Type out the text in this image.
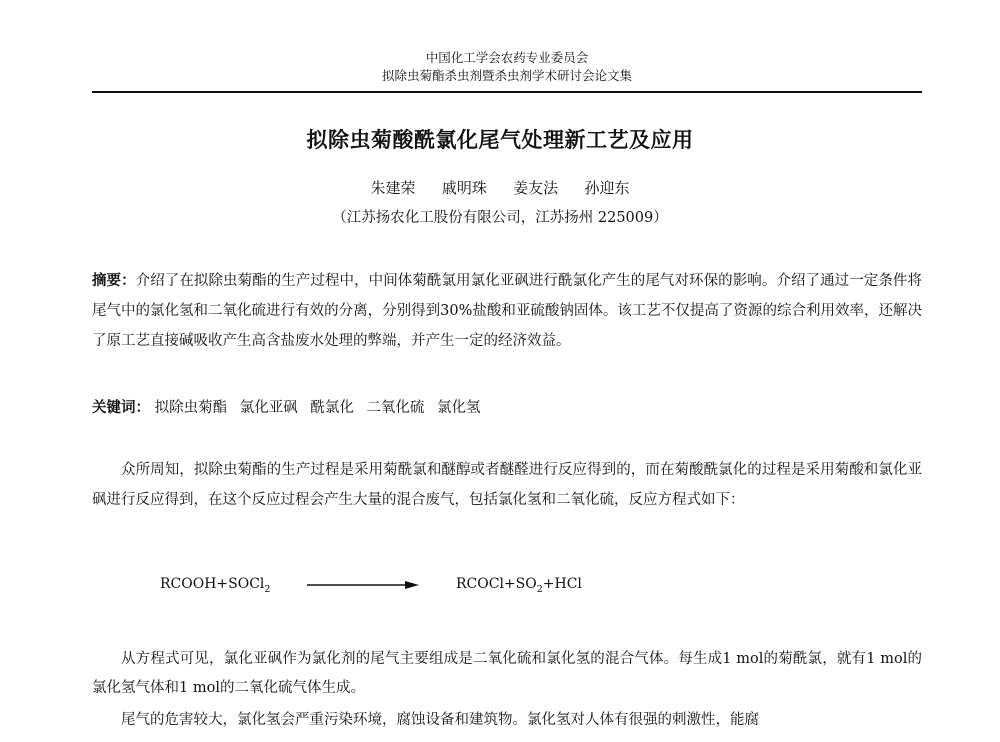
中国化工学会农药专业委员会
拟除虫菊酯杀虫剂暨杀虫剂学术研讨会论文集
拟除虫菊酸酰氯化尾气处理新工艺及应用
朱建荣 戚明珠 姜友法 孙迎东
（江苏扬农化工股份有限公司，江苏扬州 225009）
摘要：介绍了在拟除虫菊酯的生产过程中，中间体菊酰氯用氯化亚砜进行酰氯化产生的尾气对环保的影响。介绍了通过一定条件将尾气中的氯化氢和二氧化硫进行有效的分离，分别得到30%盐酸和亚硫酸钠固体。该工艺不仅提高了资源的综合利用效率，还解决了原工艺直接碱吸收产生高含盐废水处理的弊端，并产生一定的经济效益。
关键词： 拟除虫菊酯 氯化亚砜 酰氯化 二氧化硫 氯化氢
众所周知，拟除虫菊酯的生产过程是采用菊酰氯和醚醇或者醚醛进行反应得到的，而在菊酸酰氯化的过程是采用菊酸和氯化亚砜进行反应得到，在这个反应过程会产生大量的混合废气，包括氯化氢和二氧化硫，反应方程式如下：
RCOOH+SOCl$_2$	$RCOCl+SO_2+HCl$
从方程式可见，氯化亚砜作为氯化剂的尾气主要组成是二氧化硫和氯化氢的混合气体。每生成1 mol的菊酰氯，就有1 mol的氯化氢气体和1 mol的二氧化硫气体生成。
尾气的危害较大，氯化氢会严重污染环境，腐蚀设备和建筑物。氯化氢对人体有很强的刺激性，能腐
